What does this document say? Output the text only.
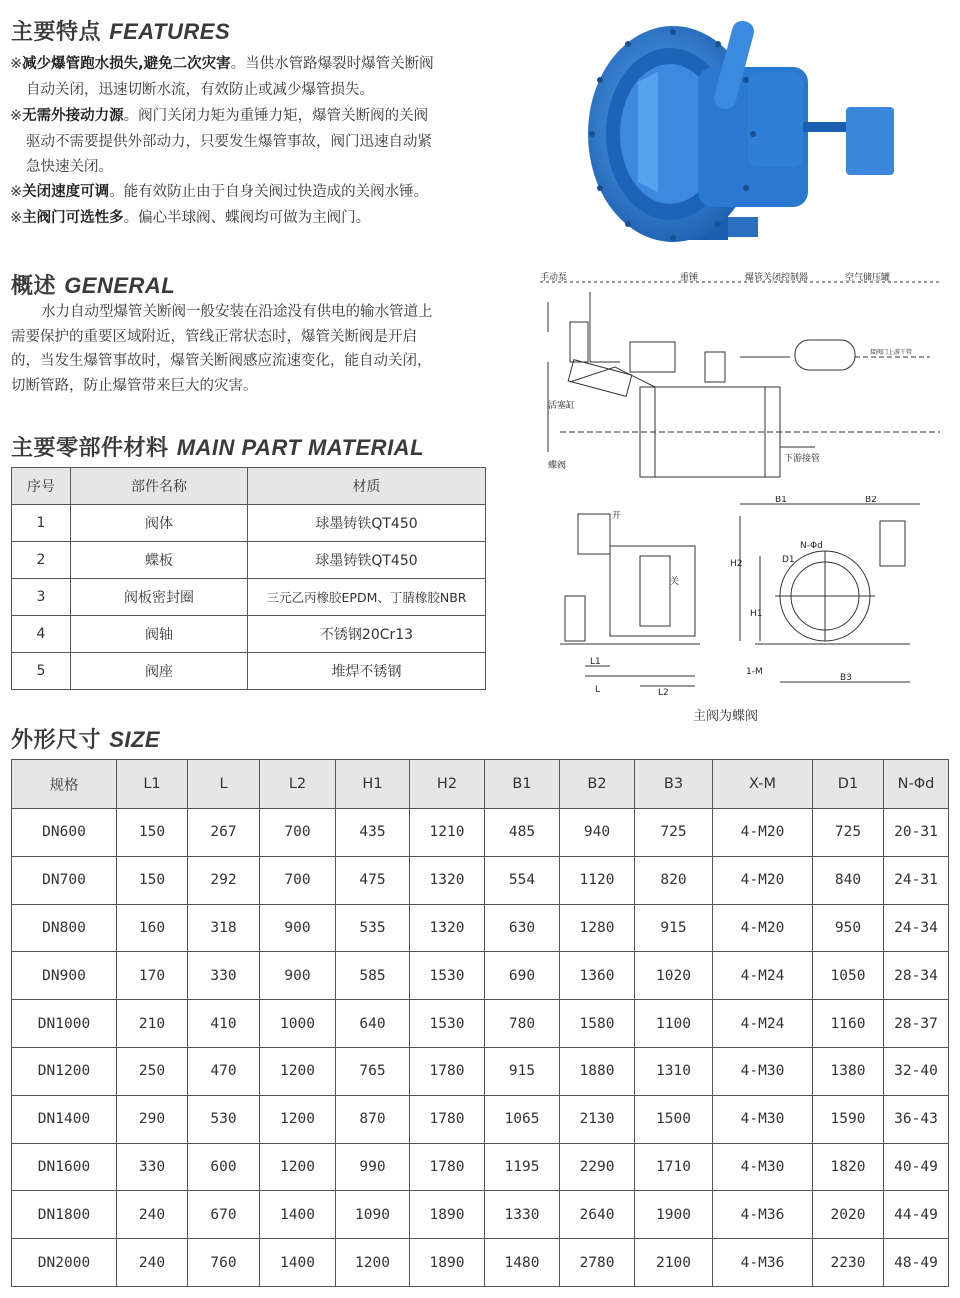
主要特点 FEATURES
※减少爆管跑水损失,避免二次灾害。当供水管路爆裂时爆管关断阀
自动关闭，迅速切断水流，有效防止或减少爆管损失。
※无需外接动力源。阀门关闭力矩为重锤力矩，爆管关断阀的关阀
驱动不需要提供外部动力，只要发生爆管事故，阀门迅速自动紧
急快速关闭。
※关闭速度可调。能有效防止由于自身关阀过快造成的关阀水锤。
※主阀门可选性多。偏心半球阀、蝶阀均可做为主阀门。
概述 GENERAL
水力自动型爆管关断阀一般安装在沿途没有供电的输水管道上
需要保护的重要区域附近，管线正常状态时，爆管关断阀是开启
的，当发生爆管事故时，爆管关断阀感应流速变化，能自动关闭，
切断管路，防止爆管带来巨大的灾害。
手动泵	重锤	爆管关闭控制器	空气储压罐
活塞缸
蝶阀
下游接管
接阀门上游干管
开
关
B1	B2
B3
H2
H1
L1
L	L2
D1
N-Φd
1-M
主阀为蝶阀
主要零部件材料 MAIN PART MATERIAL
序号	部件名称	材质
1	阀体	球墨铸铁QT450
2	蝶板	球墨铸铁QT450
3	阀板密封圈	三元乙丙橡胶EPDM、丁腈橡胶NBR
4	阀轴	不锈钢20Cr13
5	阀座	堆焊不锈钢
外形尺寸 SIZE
规格	L1	L	L2	H1	H2	B1	B2	B3	X-M	D1	N-Φd
DN600	150	267	700	435	1210	485	940	725	4-M20	725	20-31
DN700	150	292	700	475	1320	554	1120	820	4-M20	840	24-31
DN800	160	318	900	535	1320	630	1280	915	4-M20	950	24-34
DN900	170	330	900	585	1530	690	1360	1020	4-M24	1050	28-34
DN1000	210	410	1000	640	1530	780	1580	1100	4-M24	1160	28-37
DN1200	250	470	1200	765	1780	915	1880	1310	4-M30	1380	32-40
DN1400	290	530	1200	870	1780	1065	2130	1500	4-M30	1590	36-43
DN1600	330	600	1200	990	1780	1195	2290	1710	4-M30	1820	40-49
DN1800	240	670	1400	1090	1890	1330	2640	1900	4-M36	2020	44-49
DN2000	240	760	1400	1200	1890	1480	2780	2100	4-M36	2230	48-49
